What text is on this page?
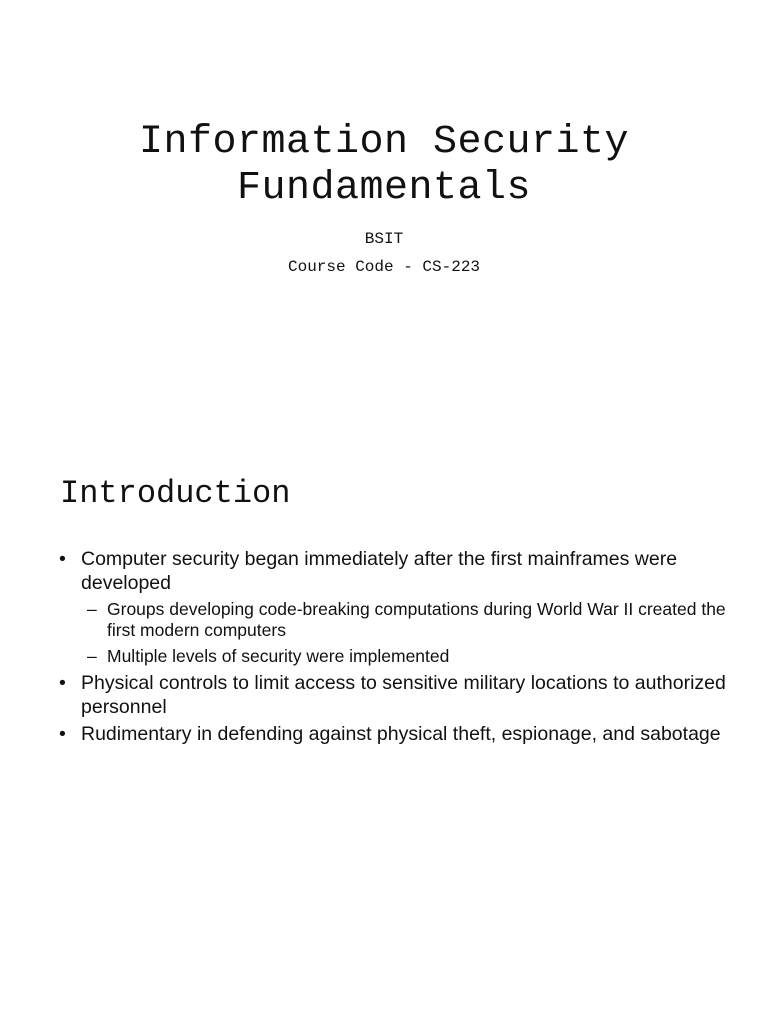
Information Security
Fundamentals
BSIT
Course Code - CS-223
Introduction
• Computer security began immediately after the first mainframes were developed
– Groups developing code-breaking computations during World War II created the first modern computers
– Multiple levels of security were implemented
• Physical controls to limit access to sensitive military locations to authorized personnel
• Rudimentary in defending against physical theft, espionage, and sabotage
